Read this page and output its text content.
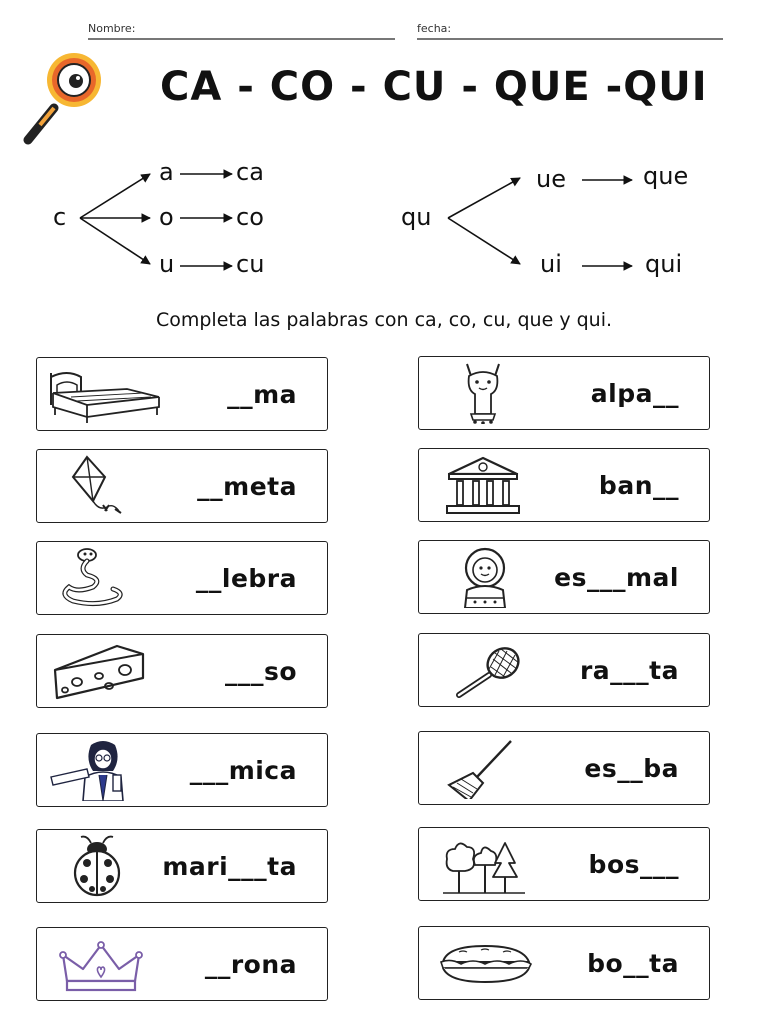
Nombre:	fecha:
CA - CO - CU - QUE -QUI
c
a
o
u
ca
co
cu
qu
ue
ui
que
qui
Completa las palabras con ca, co, cu, que y qui.
__ma
__meta
__lebra
___so
___mica
mari___ta
__rona
alpa__
ban__
es___mal
ra___ta
es__ba
bos___
bo__ta
